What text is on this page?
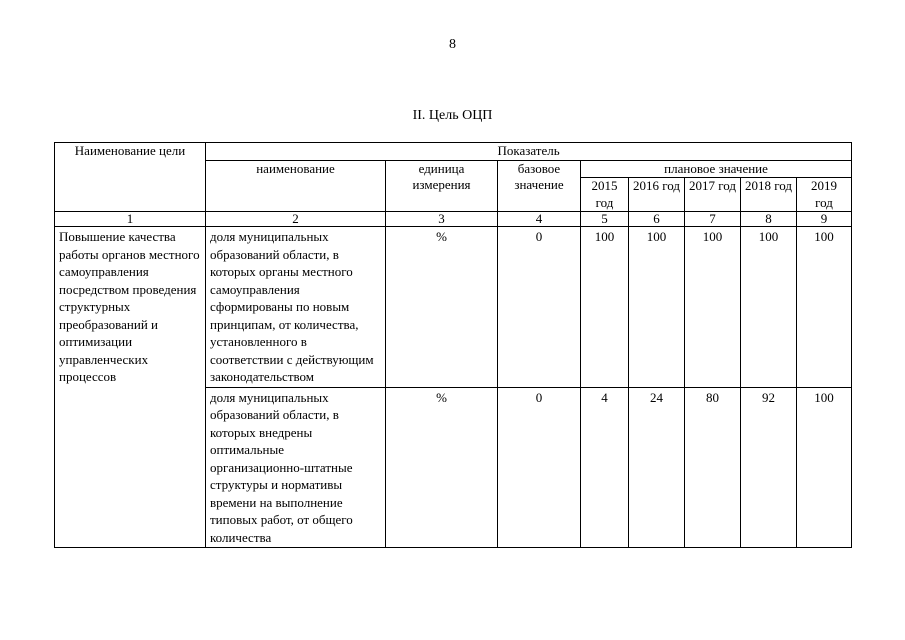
8
II. Цель ОЦП
Наименование цели	Показатель							
	наименование	единица измерения	базовое значение	плановое значение				
				2015 год	2016 год	2017 год	2018 год	2019 год
1	2	3	4	5	6	7	8	9
Повышение качества работы органов местного самоуправления посредством проведения структурных преобразований и оптимизации управленческих процессов	доля муниципальных образований области, в которых органы местного самоуправления сформированы по новым принципам, от количества, установленного в соответствии с действующим законодательством	%	0	100	100	100	100	100
	доля муниципальных образований области, в которых внедрены оптимальные организационно-штатные структуры и нормативы времени на выполнение типовых работ, от общего количества	%	0	4	24	80	92	100
